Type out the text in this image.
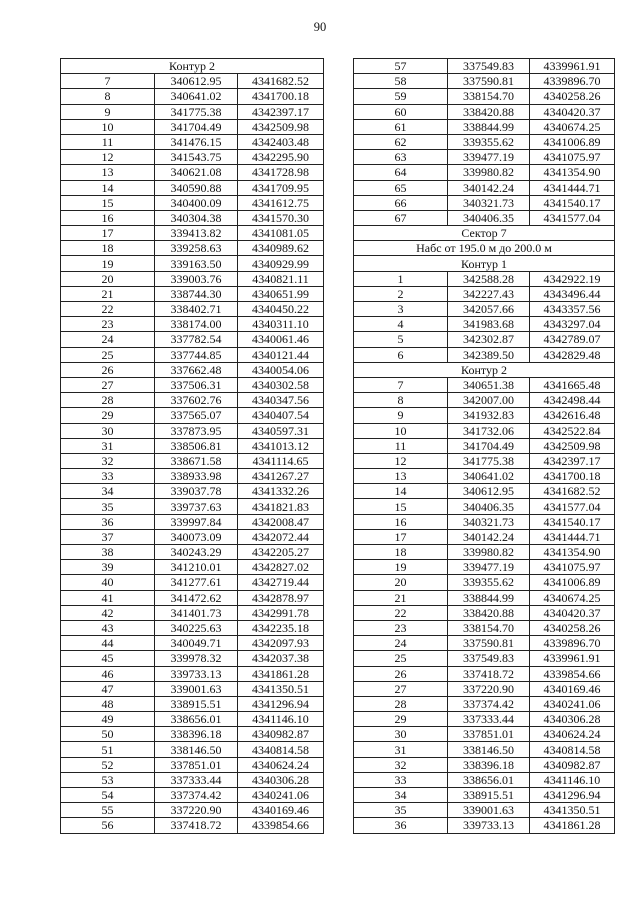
90
Контур 2		
7	340612.95	4341682.52
8	340641.02	4341700.18
9	341775.38	4342397.17
10	341704.49	4342509.98
11	341476.15	4342403.48
12	341543.75	4342295.90
13	340621.08	4341728.98
14	340590.88	4341709.95
15	340400.09	4341612.75
16	340304.38	4341570.30
17	339413.82	4341081.05
18	339258.63	4340989.62
19	339163.50	4340929.99
20	339003.76	4340821.11
21	338744.30	4340651.99
22	338402.71	4340450.22
23	338174.00	4340311.10
24	337782.54	4340061.46
25	337744.85	4340121.44
26	337662.48	4340054.06
27	337506.31	4340302.58
28	337602.76	4340347.56
29	337565.07	4340407.54
30	337873.95	4340597.31
31	338506.81	4341013.12
32	338671.58	4341114.65
33	338933.98	4341267.27
34	339037.78	4341332.26
35	339737.63	4341821.83
36	339997.84	4342008.47
37	340073.09	4342072.44
38	340243.29	4342205.27
39	341210.01	4342827.02
40	341277.61	4342719.44
41	341472.62	4342878.97
42	341401.73	4342991.78
43	340225.63	4342235.18
44	340049.71	4342097.93
45	339978.32	4342037.38
46	339733.13	4341861.28
47	339001.63	4341350.51
48	338915.51	4341296.94
49	338656.01	4341146.10
50	338396.18	4340982.87
51	338146.50	4340814.58
52	337851.01	4340624.24
53	337333.44	4340306.28
54	337374.42	4340241.06
55	337220.90	4340169.46
56	337418.72	4339854.66
57	337549.83	4339961.91
58	337590.81	4339896.70
59	338154.70	4340258.26
60	338420.88	4340420.37
61	338844.99	4340674.25
62	339355.62	4341006.89
63	339477.19	4341075.97
64	339980.82	4341354.90
65	340142.24	4341444.71
66	340321.73	4341540.17
67	340406.35	4341577.04
Сектор 7		
Набс от 195.0 м до 200.0 м		
Контур 1		
1	342588.28	4342922.19
2	342227.43	4343496.44
3	342057.66	4343357.56
4	341983.68	4343297.04
5	342302.87	4342789.07
6	342389.50	4342829.48
Контур 2		
7	340651.38	4341665.48
8	342007.00	4342498.44
9	341932.83	4342616.48
10	341732.06	4342522.84
11	341704.49	4342509.98
12	341775.38	4342397.17
13	340641.02	4341700.18
14	340612.95	4341682.52
15	340406.35	4341577.04
16	340321.73	4341540.17
17	340142.24	4341444.71
18	339980.82	4341354.90
19	339477.19	4341075.97
20	339355.62	4341006.89
21	338844.99	4340674.25
22	338420.88	4340420.37
23	338154.70	4340258.26
24	337590.81	4339896.70
25	337549.83	4339961.91
26	337418.72	4339854.66
27	337220.90	4340169.46
28	337374.42	4340241.06
29	337333.44	4340306.28
30	337851.01	4340624.24
31	338146.50	4340814.58
32	338396.18	4340982.87
33	338656.01	4341146.10
34	338915.51	4341296.94
35	339001.63	4341350.51
36	339733.13	4341861.28
